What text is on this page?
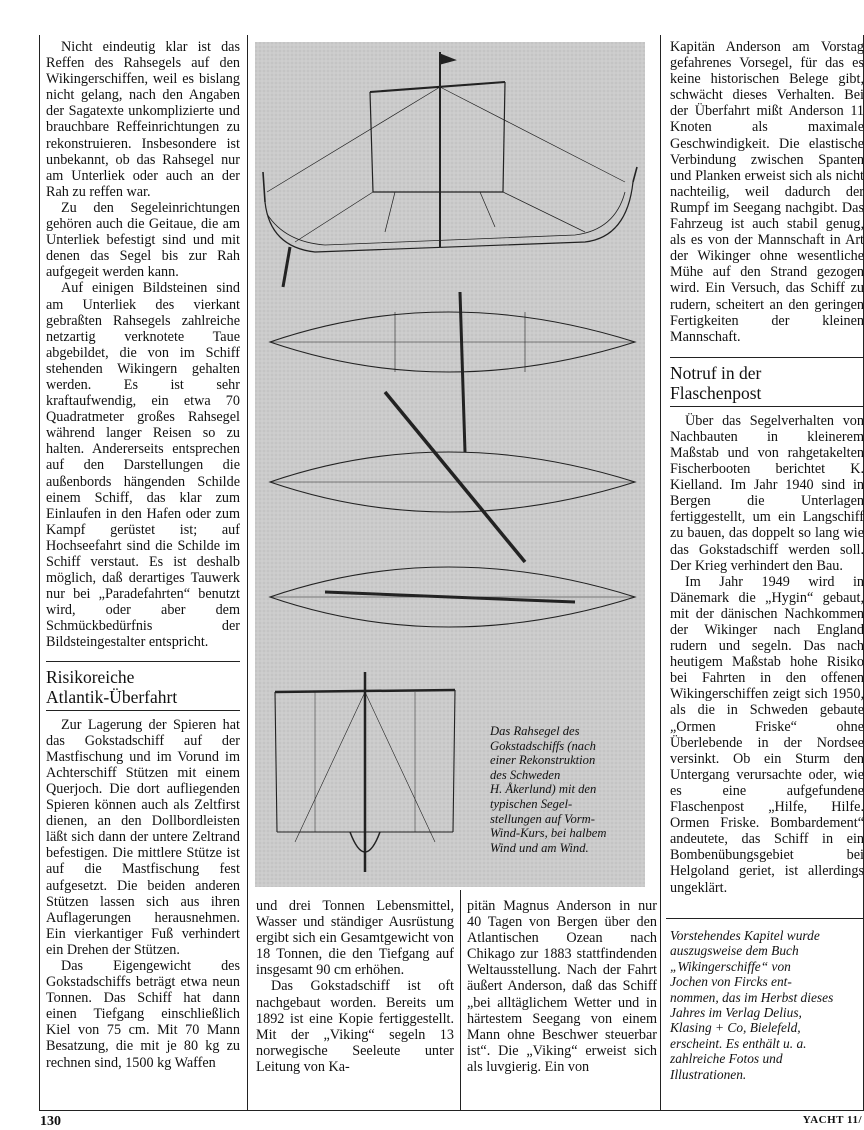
Nicht eindeutig klar ist das Reffen des Rahsegels auf den Wikingerschiffen, weil es bislang nicht gelang, nach den Angaben der Sagatexte unkomplizierte und brauchbare Reffeinrichtungen zu rekonstruieren. Insbesondere ist unbekannt, ob das Rahsegel nur am Unterliek oder auch an der Rah zu reffen war.

Zu den Segeleinrichtungen gehören auch die Geitaue, die am Unterliek befestigt sind und mit denen das Segel bis zur Rah aufgegeit werden kann.

Auf einigen Bildsteinen sind am Unterliek des vierkant gebraßten Rahsegels zahlreiche netzartig verknotete Taue abgebildet, die von im Schiff stehenden Wikingern gehalten werden. Es ist sehr kraftaufwendig, ein etwa 70 Quadratmeter großes Rahsegel während langer Reisen so zu halten. Andererseits entsprechen auf den Darstellungen die außenbords hängenden Schilde einem Schiff, das klar zum Einlaufen in den Hafen oder zum Kampf gerüstet ist; auf Hochseefahrt sind die Schilde im Schiff verstaut. Es ist deshalb möglich, daß derartiges Tauwerk nur bei „Paradefahrten“ benutzt wird, oder aber dem Schmückbedürfnis der Bildsteingestalter entspricht.

Risikoreiche
Atlantik-Überfahrt

Zur Lagerung der Spieren hat das Gokstadschiff auf der Mastfischung und im Vorund im Achterschiff Stützen mit einem Querjoch. Die dort aufliegenden Spieren können auch als Zeltfirst dienen, an den Dollbordleisten läßt sich dann der untere Zeltrand befestigen. Die mittlere Stütze ist auf die Mastfischung fest aufgesetzt. Die beiden anderen Stützen lassen sich aus ihren Auflagerungen herausnehmen. Ein vierkantiger Fuß verhindert ein Drehen der Stützen.

Das Eigengewicht des Gokstadschiffs beträgt etwa neun Tonnen. Das Schiff hat dann einen Tiefgang einschließlich Kiel von 75 cm. Mit 70 Mann Besatzung, die mit je 80 kg zu rechnen sind, 1500 kg Waffen

Das Rahsegel des
Gokstadschiffs (nach
einer Rekonstruktion
des Schweden
H. Åkerlund) mit den
typischen Segel-
stellungen auf Vorm-
Wind-Kurs, bei halbem
Wind und am Wind.

und drei Tonnen Lebensmittel, Wasser und ständiger Ausrüstung ergibt sich ein Gesamtgewicht von 18 Tonnen, die den Tiefgang auf insgesamt 90 cm erhöhen.

Das Gokstadschiff ist oft nachgebaut worden. Bereits um 1892 ist eine Kopie fertiggestellt. Mit der „Viking“ segeln 13 norwegische Seeleute unter Leitung von Ka-

pitän Magnus Anderson in nur 40 Tagen von Bergen über den Atlantischen Ozean nach Chikago zur 1883 stattfindenden Weltausstellung. Nach der Fahrt äußert Anderson, daß das Schiff „bei alltäglichem Wetter und in härtestem Seegang von einem Mann ohne Beschwer steuerbar ist“. Die „Viking“ erweist sich als luvgierig. Ein von

Kapitän Anderson am Vorstag gefahrenes Vorsegel, für das es keine historischen Belege gibt, schwächt dieses Verhalten. Bei der Überfahrt mißt Anderson 11 Knoten als maximale Geschwindigkeit. Die elastische Verbindung zwischen Spanten und Planken erweist sich als nicht nachteilig, weil dadurch der Rumpf im Seegang nachgibt. Das Fahrzeug ist auch stabil genug, als es von der Mannschaft in Art der Wikinger ohne wesentliche Mühe auf den Strand gezogen wird. Ein Versuch, das Schiff zu rudern, scheitert an den geringen Fertigkeiten der kleinen Mannschaft.

Notruf in der
Flaschenpost

Über das Segelverhalten von Nachbauten in kleinerem Maßstab und von rahgetakelten Fischerbooten berichtet K. Kielland. Im Jahr 1940 sind in Bergen die Unterlagen fertiggestellt, um ein Langschiff zu bauen, das doppelt so lang wie das Gokstadschiff werden soll. Der Krieg verhindert den Bau.

Im Jahr 1949 wird in Dänemark die „Hygin“ gebaut, mit der dänischen Nachkommen der Wikinger nach England rudern und segeln. Das nach heutigem Maßstab hohe Risiko bei Fahrten in den offenen Wikingerschiffen zeigt sich 1950, als die in Schweden gebaute „Ormen Friske“ ohne Überlebende in der Nordsee versinkt. Ob ein Sturm den Untergang verursachte oder, wie es eine aufgefundene Flaschenpost „Hilfe, Hilfe. Ormen Friske. Bombardement“ andeutete, das Schiff in ein Bombenübungsgebiet bei Helgoland geriet, ist allerdings ungeklärt.

Vorstehendes Kapitel wurde
auszugsweise dem Buch
„Wikingerschiffe“ von
Jochen von Fircks ent-
nommen, das im Herbst dieses
Jahres im Verlag Delius,
Klasing + Co, Bielefeld,
erscheint. Es enthält u. a.
zahlreiche Fotos und
Illustrationen.
130	YACHT 11/
